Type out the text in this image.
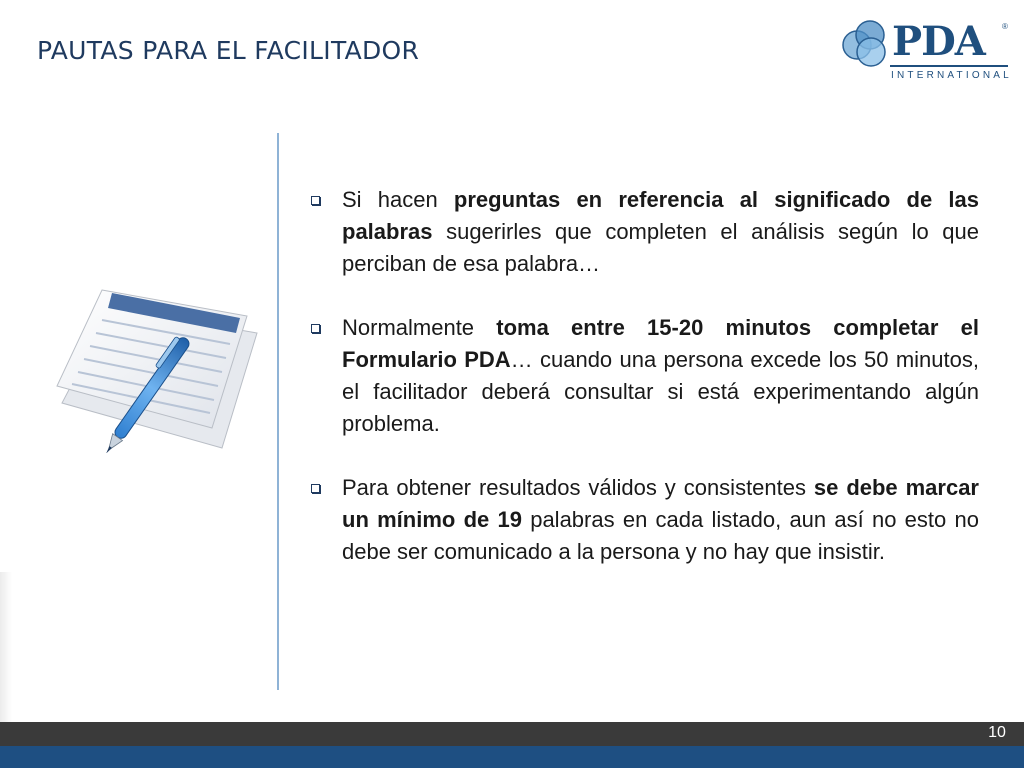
PAUTAS PARA EL FACILITADOR	PDA ®
INTERNATIONAL
Si hacen preguntas en referencia al significado de las palabras sugerirles que completen el análisis según lo que perciban de esa palabra…
Normalmente toma entre 15-20 minutos completar el Formulario PDA… cuando una persona excede los 50 minutos, el facilitador deberá consultar si está experimentando algún problema.
Para obtener resultados válidos y consistentes se debe marcar un mínimo de 19 palabras en cada listado, aun así no esto no debe ser comunicado a la persona y no hay que insistir.
10
